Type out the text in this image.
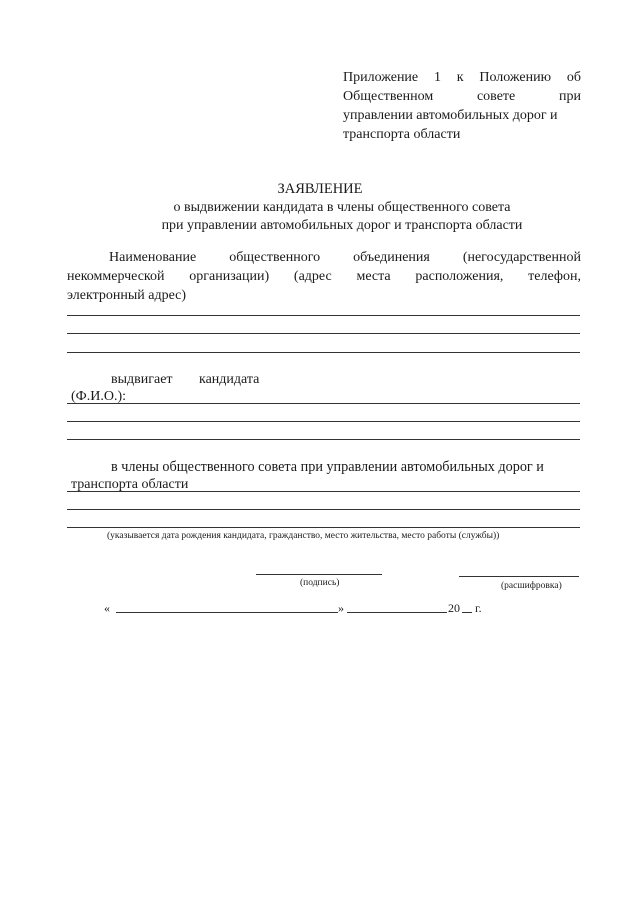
Приложение 1 к Положению об
Общественном	совете	при
управлении автомобильных дорог и
транспорта области
ЗАЯВЛЕНИЕ
о выдвижении кандидата в члены общественного совета
при управлении автомобильных дорог и транспорта области
Наименование общественного объединения (негосударственной
некоммерческой организации) (адрес места расположения, телефон,
электронный адрес)
выдвигает кандидата
(Ф.И.О.):
в члены общественного совета при управлении автомобильных дорог и
транспорта области
(указывается дата рождения кандидата, гражданство, место жительства, место работы (службы))
(подпись)	(расшифровка)
«	»	20 г.
